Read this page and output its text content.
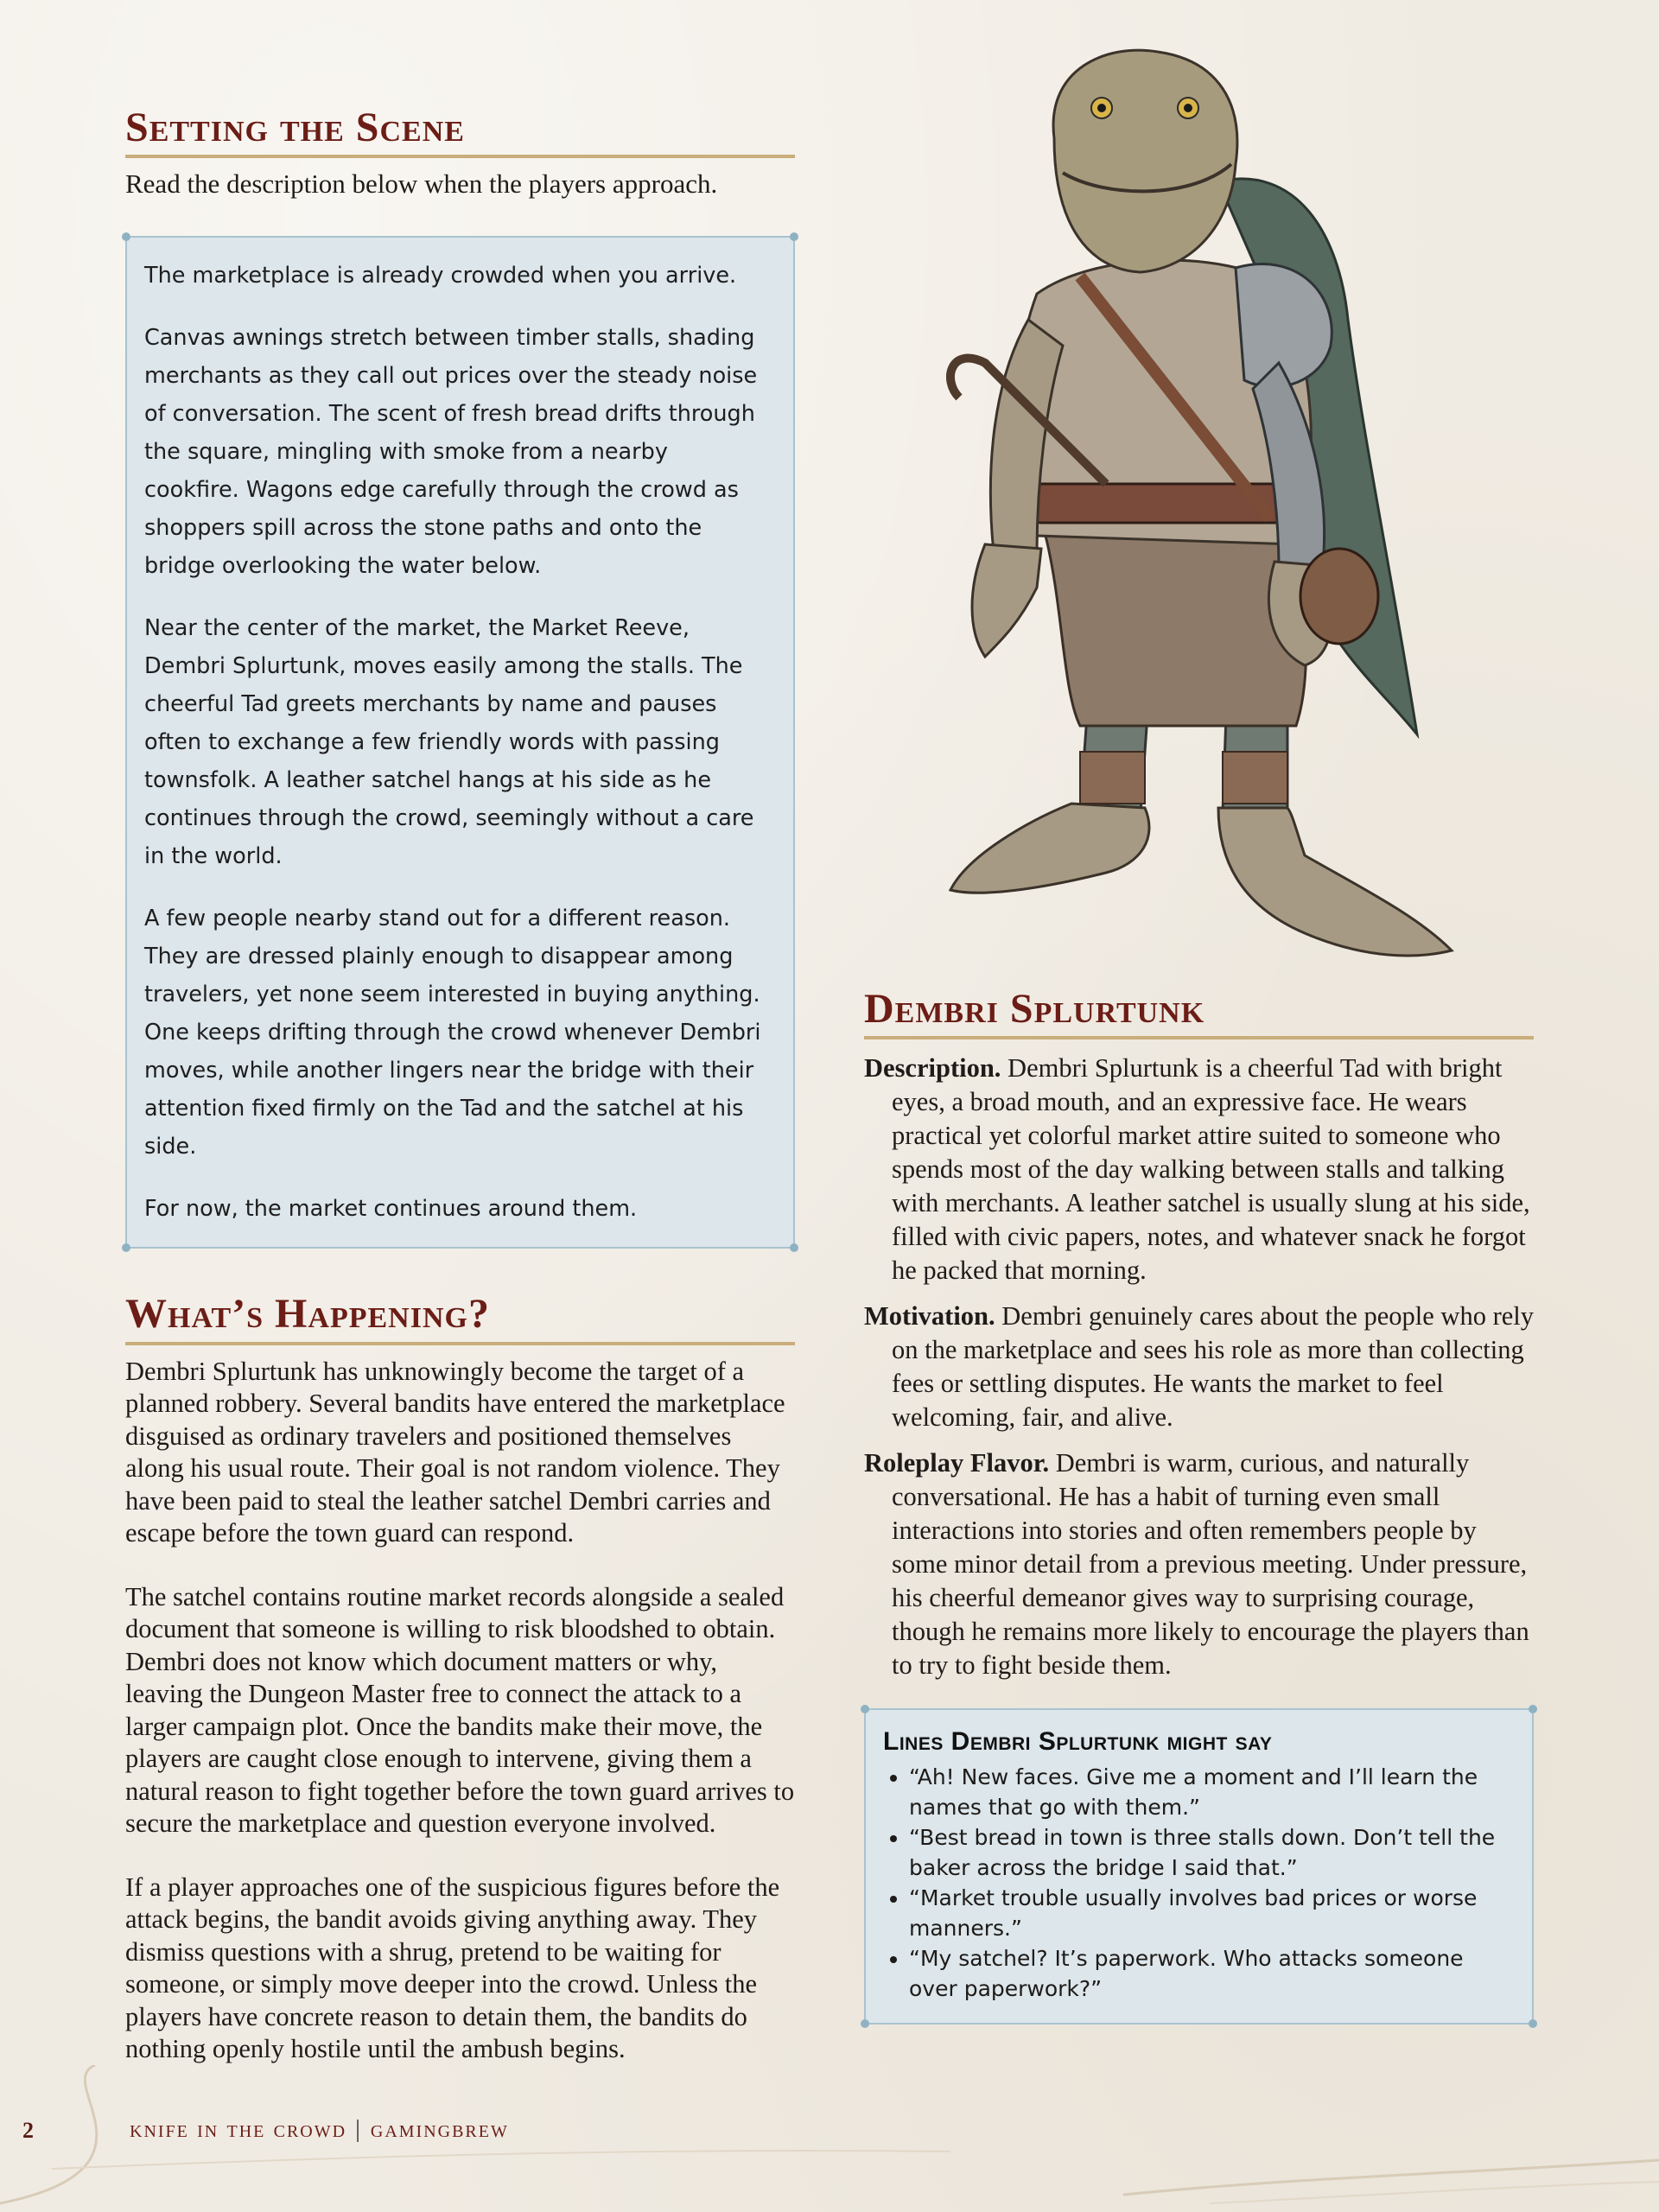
Setting the Scene

Read the description below when the players approach.

The marketplace is already crowded when you arrive.

Canvas awnings stretch between timber stalls, shading merchants as they call out prices over the steady noise of conversation. The scent of fresh bread drifts through the square, mingling with smoke from a nearby cookfire. Wagons edge carefully through the crowd as shoppers spill across the stone paths and onto the bridge overlooking the water below.

Near the center of the market, the Market Reeve, Dembri Splurtunk, moves easily among the stalls. The cheerful Tad greets merchants by name and pauses often to exchange a few friendly words with passing townsfolk. A leather satchel hangs at his side as he continues through the crowd, seemingly without a care in the world.

A few people nearby stand out for a different reason. They are dressed plainly enough to disappear among travelers, yet none seem interested in buying anything. One keeps drifting through the crowd whenever Dembri moves, while another lingers near the bridge with their attention fixed firmly on the Tad and the satchel at his side.

For now, the market continues around them.

What’s Happening?

Dembri Splurtunk has unknowingly become the target of a planned robbery. Several bandits have entered the marketplace disguised as ordinary travelers and positioned themselves along his usual route. Their goal is not random violence. They have been paid to steal the leather satchel Dembri carries and escape before the town guard can respond.

The satchel contains routine market records alongside a sealed document that someone is willing to risk bloodshed to obtain. Dembri does not know which document matters or why, leaving the Dungeon Master free to connect the attack to a larger campaign plot. Once the bandits make their move, the players are caught close enough to intervene, giving them a natural reason to fight together before the town guard arrives to secure the marketplace and question everyone involved.

If a player approaches one of the suspicious figures before the attack begins, the bandit avoids giving anything away. They dismiss questions with a shrug, pretend to be waiting for someone, or simply move deeper into the crowd. Unless the players have concrete reason to detain them, the bandits do nothing openly hostile until the ambush begins.

Dembri Splurtunk

Description. Dembri Splurtunk is a cheerful Tad with bright eyes, a broad mouth, and an expressive face. He wears practical yet colorful market attire suited to someone who spends most of the day walking between stalls and talking with merchants. A leather satchel is usually slung at his side, filled with civic papers, notes, and whatever snack he forgot he packed that morning.

Motivation. Dembri genuinely cares about the people who rely on the marketplace and sees his role as more than collecting fees or settling disputes. He wants the market to feel welcoming, fair, and alive.

Roleplay Flavor. Dembri is warm, curious, and naturally conversational. He has a habit of turning even small interactions into stories and often remembers people by some minor detail from a previous meeting. Under pressure, his cheerful demeanor gives way to surprising courage, though he remains more likely to encourage the players than to try to fight beside them.

Lines Dembri Splurtunk might say
• “Ah! New faces. Give me a moment and I’ll learn the names that go with them.”
• “Best bread in town is three stalls down. Don’t tell the baker across the bridge I said that.”
• “Market trouble usually involves bad prices or worse manners.”
• “My satchel? It’s paperwork. Who attacks someone over paperwork?”
2	knife in the crowd | gamingbrew
